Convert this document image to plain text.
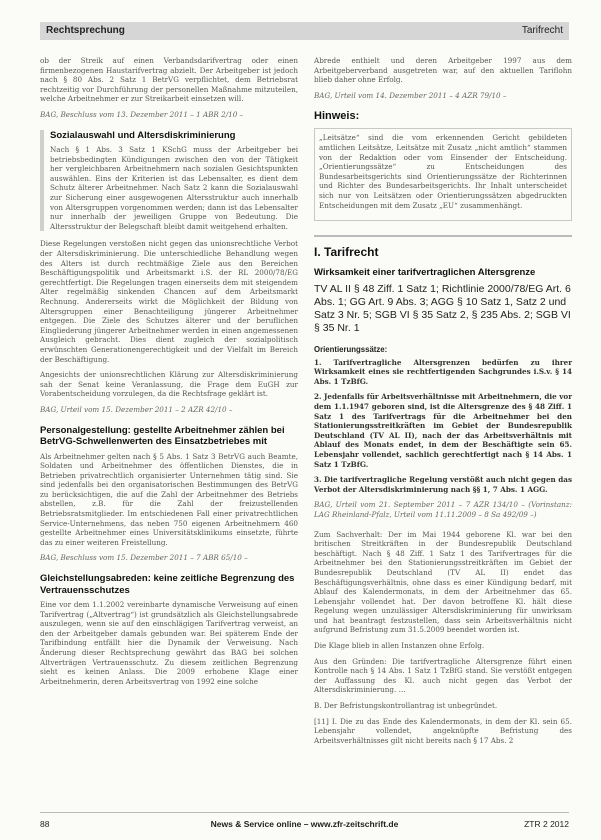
Rechtsprechung	Tarifrecht

ob der Streik auf einen Verbandsdarifvertrag oder einen firmenbezogenen Haustarifvertrag abzielt. Der Arbeitgeber ist jedoch nach § 80 Abs. 2 Satz 1 BetrVG verpflichtet, dem Betriebsrat rechtzeitig vor Durchführung der personellen Maßnahme mitzuteilen, welche Arbeitnehmer er zur Streikarbeit einsetzen will.

BAG, Beschluss vom 13. Dezember 2011 – 1 ABR 2/10 –

Sozialauswahl und Altersdiskriminierung

Nach § 1 Abs. 3 Satz 1 KSchG muss der Arbeitgeber bei betriebsbedingten Kündigungen zwischen den von der Tätigkeit her vergleichbaren Arbeitnehmern nach sozialen Gesichtspunkten auswählen. Eins der Kriterien ist das Lebensalter, es dient dem Schutz älterer Arbeitnehmer. Nach Satz 2 kann die Sozialauswahl zur Sicherung einer ausgewogenen Altersstruktur auch innerhalb von Altersgruppen vorgenommen werden; dann ist das Lebensalter nur innerhalb der jeweiligen Gruppe von Bedeutung. Die Altersstruktur der Belegschaft bleibt damit weitgehend erhalten.

Diese Regelungen verstoßen nicht gegen das unionsrechtliche Verbot der Altersdiskriminierung. Die unterschiedliche Behandlung wegen des Alters ist durch rechtmäßige Ziele aus den Bereichen Beschäftigungspolitik und Arbeitsmarkt i.S. der RL 2000/78/EG gerechtfertigt. Die Regelungen tragen einerseits dem mit steigendem Alter regelmäßig sinkenden Chancen auf dem Arbeitsmarkt Rechnung. Andererseits wirkt die Möglichkeit der Bildung von Altersgruppen einer Benachteiligung jüngerer Arbeitnehmer entgegen. Die Ziele des Schutzes älterer und der beruflichen Eingliederung jüngerer Arbeitnehmer werden in einen angemessenen Ausgleich gebracht. Dies dient zugleich der sozialpolitisch erwünschten Generationengerechtigkeit und der Vielfalt im Bereich der Beschäftigung.

Angesichts der unionsrechtlichen Klärung zur Altersdiskriminierung sah der Senat keine Veranlassung, die Frage dem EuGH zur Vorabentscheidung vorzulegen, da die Rechtsfrage geklärt ist.

BAG, Urteil vom 15. Dezember 2011 – 2 AZR 42/10 –

Personalgestellung: gestellte Arbeitnehmer zählen bei BetrVG-Schwellenwerten des Einsatzbetriebes mit

Als Arbeitnehmer gelten nach § 5 Abs. 1 Satz 3 BetrVG auch Beamte, Soldaten und Arbeitnehmer des öffentlichen Dienstes, die in Betrieben privatrechtlich organisierter Unternehmen tätig sind. Sie sind jedenfalls bei den organisatorischen Bestimmungen des BetrVG zu berücksichtigen, die auf die Zahl der Arbeitnehmer des Betriebs abstellen, z.B. für die Zahl der freizustellenden Betriebsratsmitglieder. Im entschiedenen Fall einer privatrechtlichen Service-Unternehmens, das neben 750 eigenen Arbeitnehmern 460 gestellte Arbeitnehmer eines Universitätsklinikums einsetzte, führte das zu einer weiteren Freistellung.

BAG, Beschluss vom 15. Dezember 2011 – 7 ABR 65/10 –

Gleichstellungsabreden: keine zeitliche Begrenzung des Vertrauensschutzes

Eine vor dem 1.1.2002 vereinbarte dynamische Verweisung auf einen Tarifvertrag („Altvertrag“) ist grundsätzlich als Gleichstellungsabrede auszulegen, wenn sie auf den einschlägigen Tarifvertrag verweist, an den der Arbeitgeber damals gebunden war. Bei späterem Ende der Tarifbindung entfällt hier die Dynamik der Verweisung. Nach Änderung dieser Rechtsprechung gewährt das BAG bei solchen Altverträgen Vertrauensschutz. Zu diesem zeitlichen Begrenzung sieht es keinen Anlass. Die 2009 erhobene Klage einer Arbeitnehmerin, deren Arbeitsvertrag von 1992 eine solche

Abrede enthielt und deren Arbeitgeber 1997 aus dem Arbeitgeberverband ausgetreten war, auf den aktuellen Tariflohn blieb daher ohne Erfolg.

BAG, Urteil vom 14. Dezember 2011 – 4 AZR 79/10 –

Hinweis:

„Leitsätze“ sind die vom erkennenden Gericht gebildeten amtlichen Leitsätze, Leitsätze mit Zusatz „nicht amtlich“ stammen von der Redaktion oder vom Einsender der Entscheidung. „Orientierungssätze“ zu Entscheidungen des Bundesarbeitsgerichts sind Orientierungssätze der Richterinnen und Richter des Bundesarbeitsgerichts. Ihr Inhalt unterscheidet sich nur von Leitsätzen oder Orientierungssätzen abgedruckten Entscheidungen mit dem Zusatz „EU“ zusammenhängt.

I. Tarifrecht
Wirksamkeit einer tarifvertraglichen Altersgrenze
TV AL II § 48 Ziff. 1 Satz 1; Richtlinie 2000/78/EG Art. 6 Abs. 1; GG Art. 9 Abs. 3; AGG § 10 Satz 1, Satz 2 und Satz 3 Nr. 5; SGB VI § 35 Satz 2, § 235 Abs. 2; SGB VI § 35 Nr. 1
Orientierungssätze:

1. Tarifvertragliche Altersgrenzen bedürfen zu ihrer Wirksamkeit eines sie rechtfertigenden Sachgrundes i.S.v. § 14 Abs. 1 TzBfG.

2. Jedenfalls für Arbeitsverhältnisse mit Arbeitnehmern, die vor dem 1.1.1947 geboren sind, ist die Altersgrenze des § 48 Ziff. 1 Satz 1 des Tarifvertrags für die Arbeitnehmer bei den Stationierungsstreitkräften im Gebiet der Bundesrepublik Deutschland (TV AL II), nach der das Arbeitsverhältnis mit Ablauf des Monats endet, in dem der Beschäftigte sein 65. Lebensjahr vollendet, sachlich gerechtfertigt nach § 14 Abs. 1 Satz 1 TzBfG.

3. Die tarifvertragliche Regelung verstößt auch nicht gegen das Verbot der Altersdiskriminierung nach §§ 1, 7 Abs. 1 AGG.

BAG, Urteil vom 21. September 2011 – 7 AZR 134/10 – (Vorinstanz: LAG Rheinland-Pfalz, Urteil vom 11.11.2009 – 8 Sa 492/09 –)

Zum Sachverhalt: Der im Mai 1944 geborene Kl. war bei den britischen Streitkräften in der Bundesrepublik Deutschland beschäftigt. Nach § 48 Ziff. 1 Satz 1 des Tarifvertrages für die Arbeitnehmer bei den Stationierungsstreitkräften im Gebiet der Bundesrepublik Deutschland (TV AL II) endet das Beschäftigungsverhältnis, ohne dass es einer Kündigung bedarf, mit Ablauf des Kalendermonats, in dem der Arbeitnehmer das 65. Lebensjahr vollendet hat. Der davon betroffene Kl. hält diese Regelung wegen unzulässiger Altersdiskriminierung für unwirksam und hat beantragt festzustellen, dass sein Arbeitsverhältnis nicht aufgrund Befristung zum 31.5.2009 beendet worden ist.

Die Klage blieb in allen Instanzen ohne Erfolg.

Aus den Gründen: Die tarifvertragliche Altersgrenze führt einen Kontrolle nach § 14 Abs. 1 Satz 1 TzBfG stand. Sie verstößt entgegen der Auffassung des Kl. auch nicht gegen das Verbot der Altersdiskriminierung. …

B. Der Befristungskontrollantrag ist unbegründet.

[11] I. Die zu das Ende des Kalendermonats, in dem der Kl. sein 65. Lebensjahr vollendet, angeknüpfte Befristung des Arbeitsverhältnisses gilt nicht bereits nach § 17 Abs. 2

88	News & Service online – www.zfr-zeitschrift.de	ZTR 2 2012
